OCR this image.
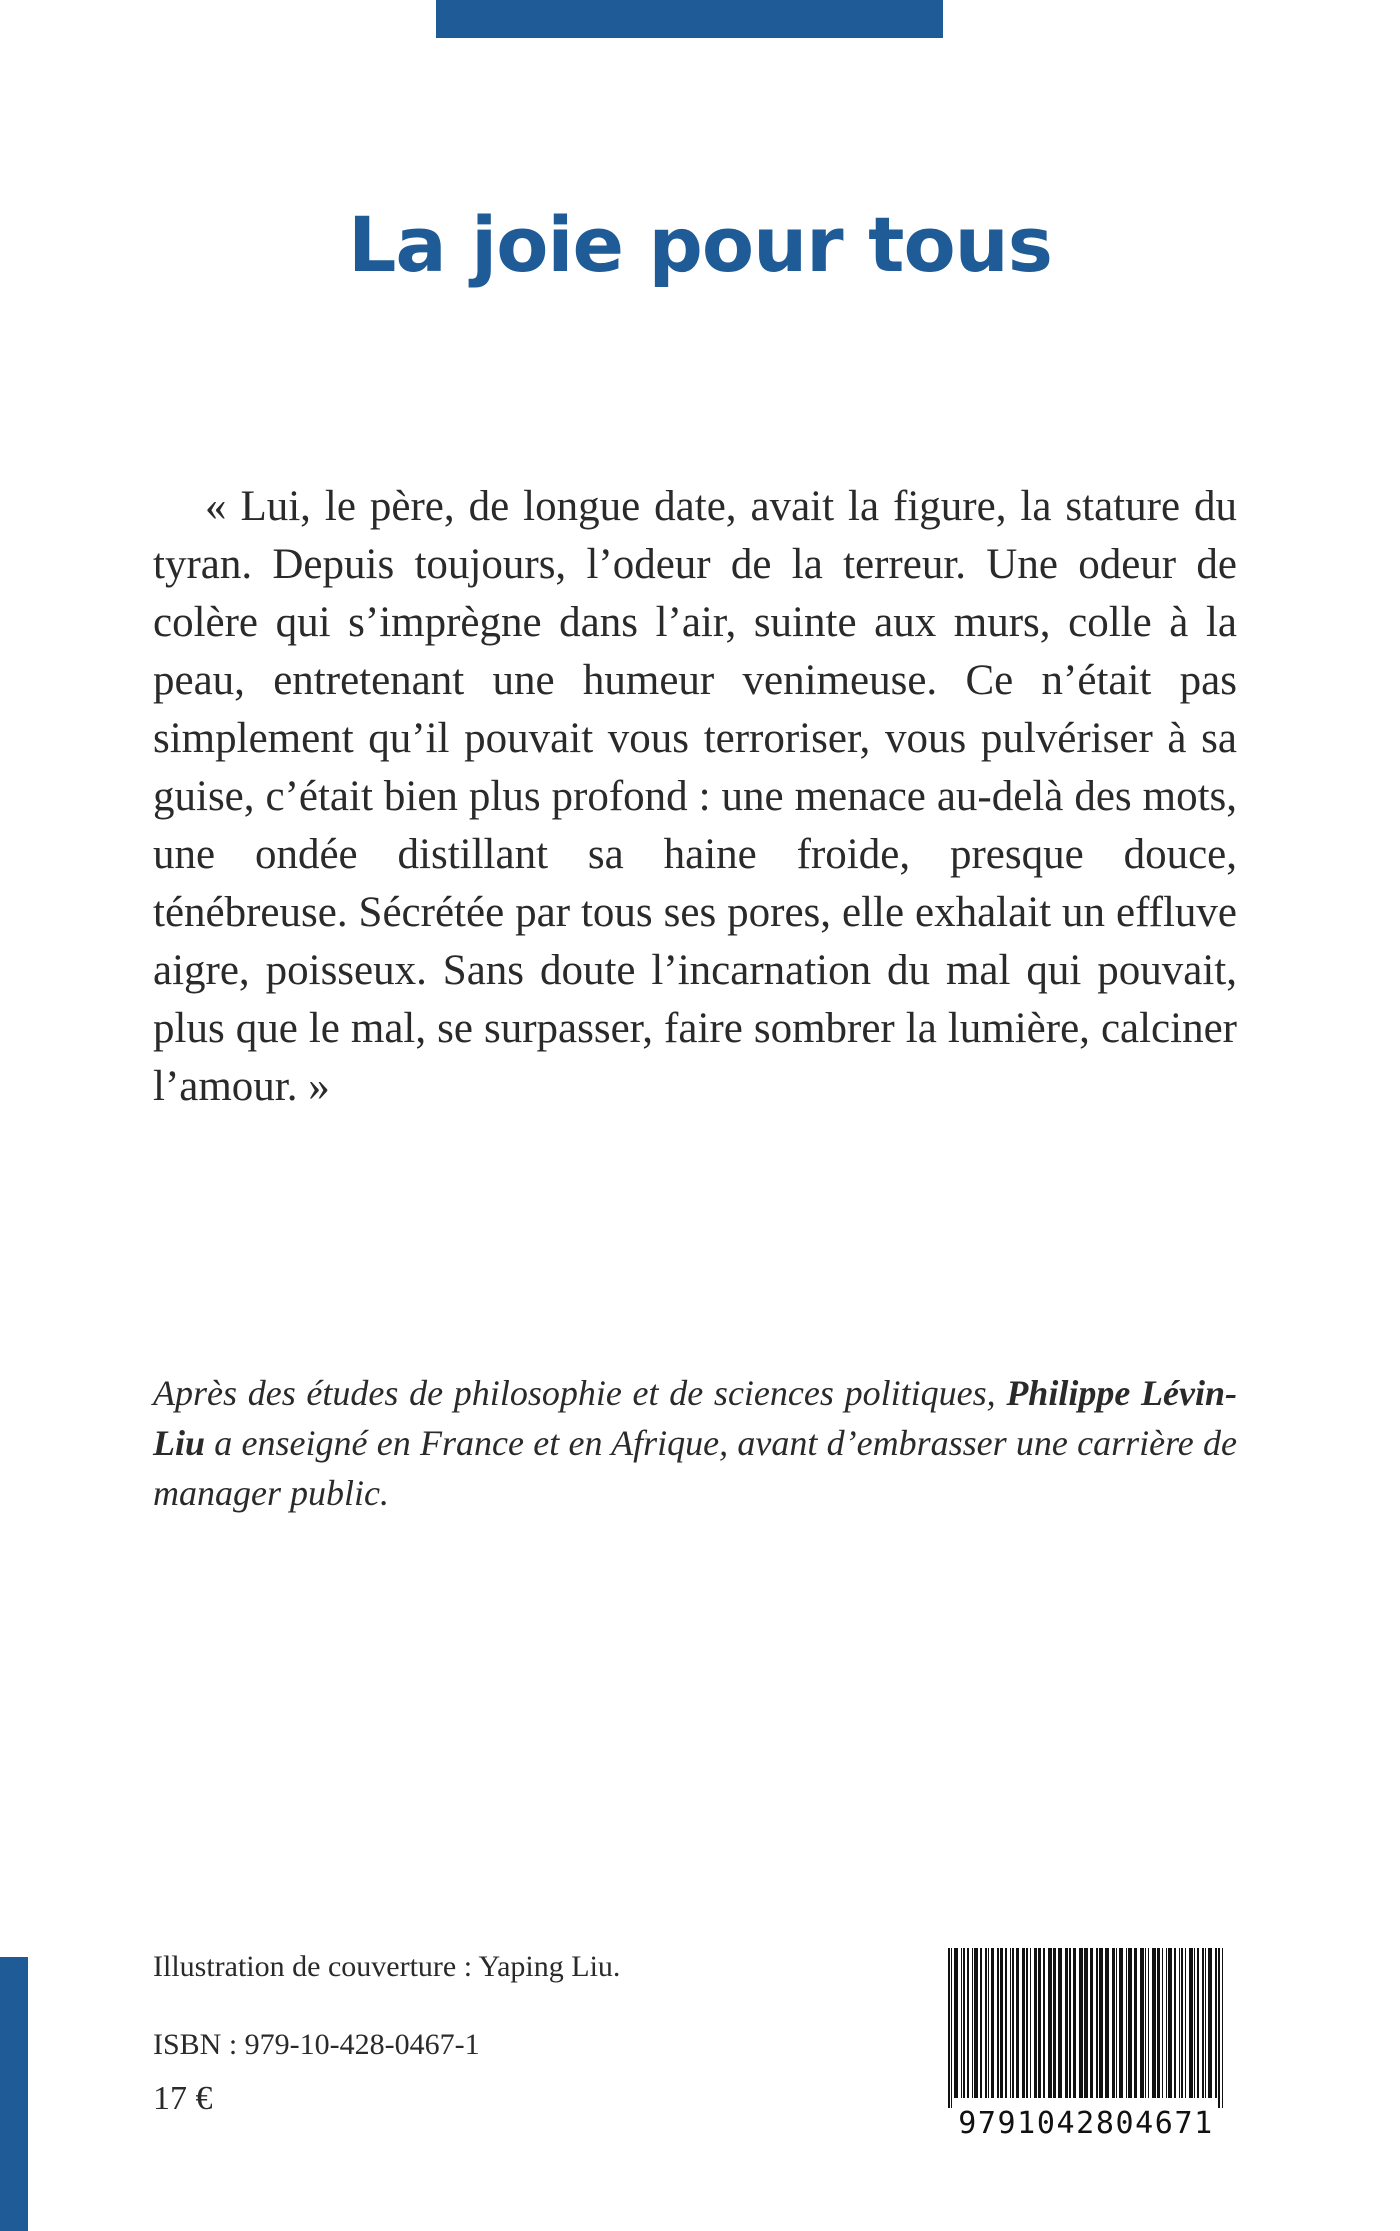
La joie pour tous

« Lui, le père, de longue date, avait la figure, la stature du tyran. Depuis toujours, l’odeur de la terreur. Une odeur de colère qui s’imprègne dans l’air, suinte aux murs, colle à la peau, entretenant une humeur venimeuse. Ce n’était pas simplement qu’il pouvait vous terroriser, vous pulvériser à sa guise, c’était bien plus profond : une menace au-delà des mots, une ondée distillant sa haine froide, presque douce, ténébreuse. Sécrétée par tous ses pores, elle exhalait un effluve aigre, poisseux. Sans doute l’incarnation du mal qui pouvait, plus que le mal, se surpasser, faire sombrer la lumière, calciner l’amour. »

Après des études de philosophie et de sciences politiques, Philippe Lévin-Liu a enseigné en France et en Afrique, avant d’embrasser une carrière de manager public.

Illustration de couverture : Yaping Liu.

ISBN : 979-10-428-0467-1

17 €

9791042804671
